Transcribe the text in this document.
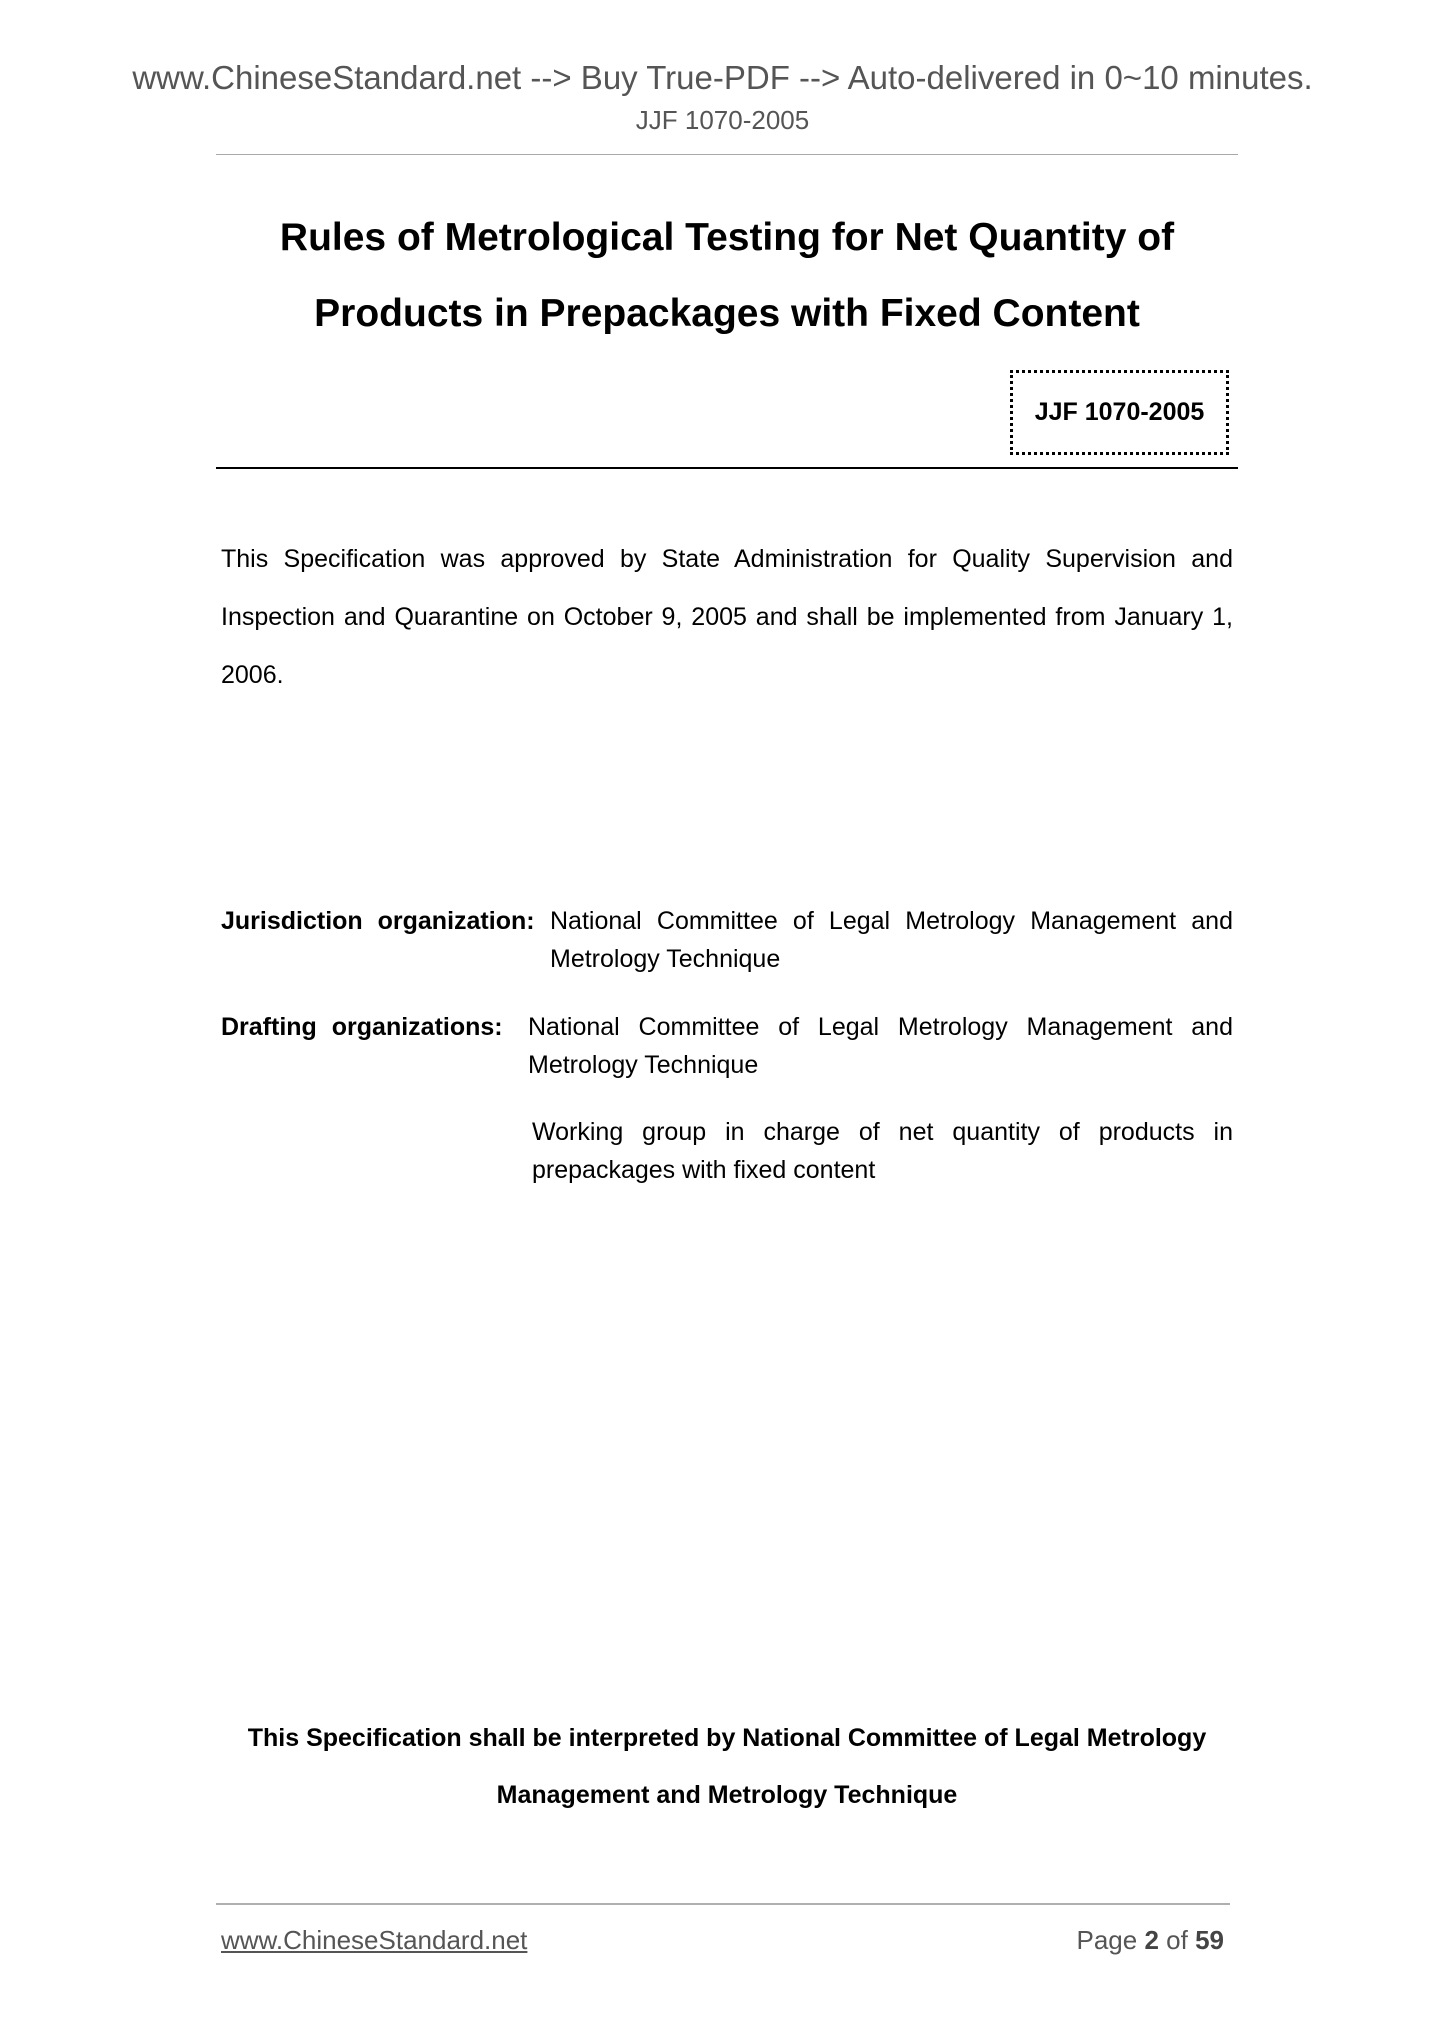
www.ChineseStandard.net --> Buy True-PDF --> Auto-delivered in 0~10 minutes.
JJF 1070-2005
Rules of Metrological Testing for Net Quantity of
Products in Prepackages with Fixed Content
JJF 1070-2005
This Specification was approved by State Administration for Quality Supervision and Inspection and Quarantine on October 9, 2005 and shall be implemented from January 1, 2006.
Jurisdiction organization: National Committee of Legal Metrology Management and Metrology Technique
Drafting organizations: National Committee of Legal Metrology Management and Metrology Technique
Working group in charge of net quantity of products in prepackages with fixed content
This Specification shall be interpreted by National Committee of Legal Metrology
Management and Metrology Technique
www.ChineseStandard.net	Page 2 of 59
